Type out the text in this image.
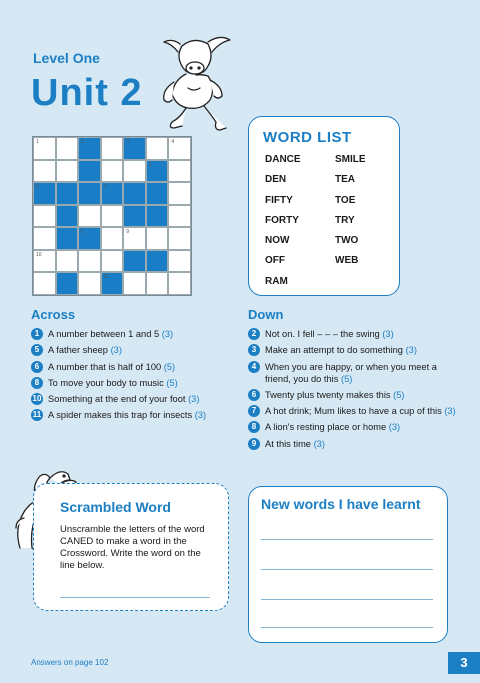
Level One
Unit 2
1	2	3	4
5
6	7
8	9
10
11
WORD LIST
DANCE
DEN
FIFTY
FORTY
NOW
OFF
RAM
SMILE
TEA
TOE
TRY
TWO
WEB
Across
1 A number between 1 and 5 (3)
5 A father sheep (3)
6 A number that is half of 100 (5)
8 To move your body to music (5)
10 Something at the end of your foot (3)
11 A spider makes this trap for insects (3)
Down
2 Not on. I fell – – – the swing (3)
3 Make an attempt to do something (3)
4 When you are happy, or when you meet a friend, you do this (5)
6 Twenty plus twenty makes this (5)
7 A hot drink; Mum likes to have a cup of this (3)
8 A lion's resting place or home (3)
9 At this time (3)
Scrambled Word
Unscramble the letters of the word CANED to make a word in the Crossword. Write the word on the line below.
New words I have learnt
Answers on page 102	3
